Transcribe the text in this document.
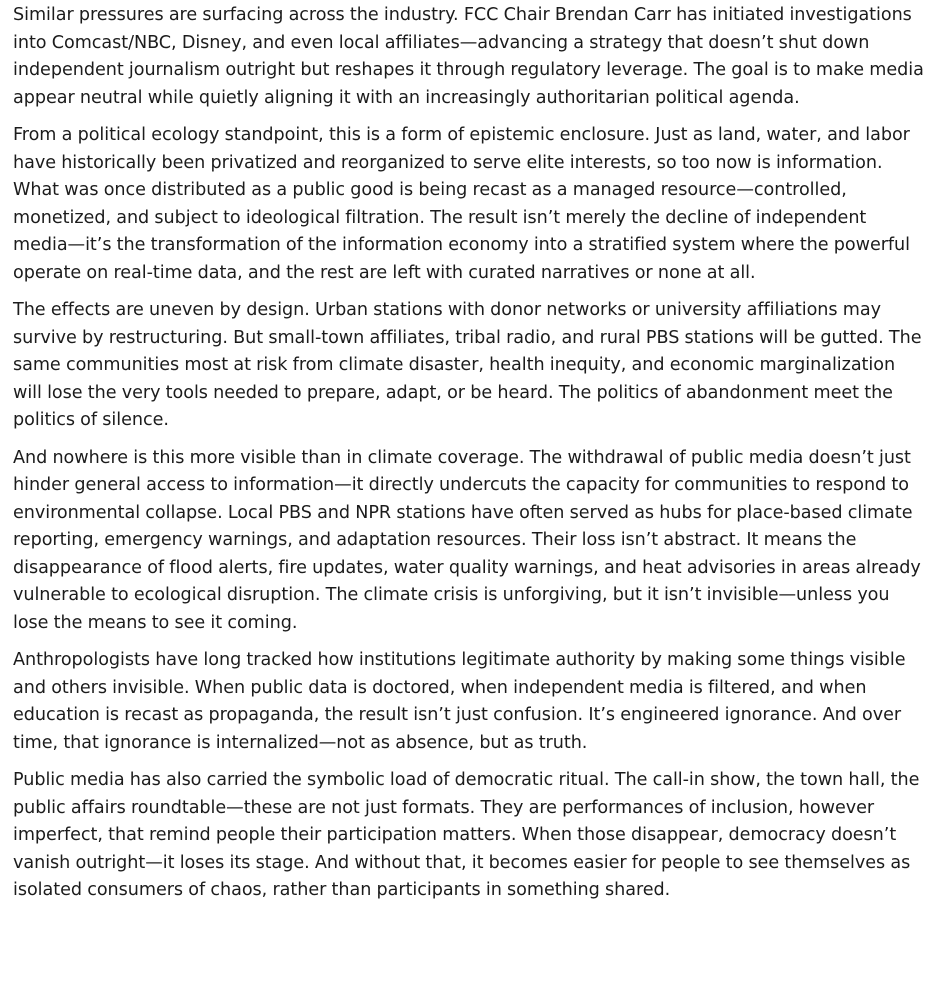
Similar pressures are surfacing across the industry. FCC Chair Brendan Carr has initiated investigations into Comcast/NBC, Disney, and even local affiliates—advancing a strategy that doesn’t shut down independent journalism outright but reshapes it through regulatory leverage. The goal is to make media appear neutral while quietly aligning it with an increasingly authoritarian political agenda.

From a political ecology standpoint, this is a form of epistemic enclosure. Just as land, water, and labor have historically been privatized and reorganized to serve elite interests, so too now is information. What was once distributed as a public good is being recast as a managed resource—controlled, monetized, and subject to ideological filtration. The result isn’t merely the decline of independent media—it’s the transformation of the information economy into a stratified system where the powerful operate on real-time data, and the rest are left with curated narratives or none at all.

The effects are uneven by design. Urban stations with donor networks or university affiliations may survive by restructuring. But small-town affiliates, tribal radio, and rural PBS stations will be gutted. The same communities most at risk from climate disaster, health inequity, and economic marginalization will lose the very tools needed to prepare, adapt, or be heard. The politics of abandonment meet the politics of silence.

And nowhere is this more visible than in climate coverage. The withdrawal of public media doesn’t just hinder general access to information—it directly undercuts the capacity for communities to respond to environmental collapse. Local PBS and NPR stations have often served as hubs for place-based climate reporting, emergency warnings, and adaptation resources. Their loss isn’t abstract. It means the disappearance of flood alerts, fire updates, water quality warnings, and heat advisories in areas already vulnerable to ecological disruption. The climate crisis is unforgiving, but it isn’t invisible—unless you lose the means to see it coming.

Anthropologists have long tracked how institutions legitimate authority by making some things visible and others invisible. When public data is doctored, when independent media is filtered, and when education is recast as propaganda, the result isn’t just confusion. It’s engineered ignorance. And over time, that ignorance is internalized—not as absence, but as truth.

Public media has also carried the symbolic load of democratic ritual. The call-in show, the town hall, the public affairs roundtable—these are not just formats. They are performances of inclusion, however imperfect, that remind people their participation matters. When those disappear, democracy doesn’t vanish outright—it loses its stage. And without that, it becomes easier for people to see themselves as isolated consumers of chaos, rather than participants in something shared.
